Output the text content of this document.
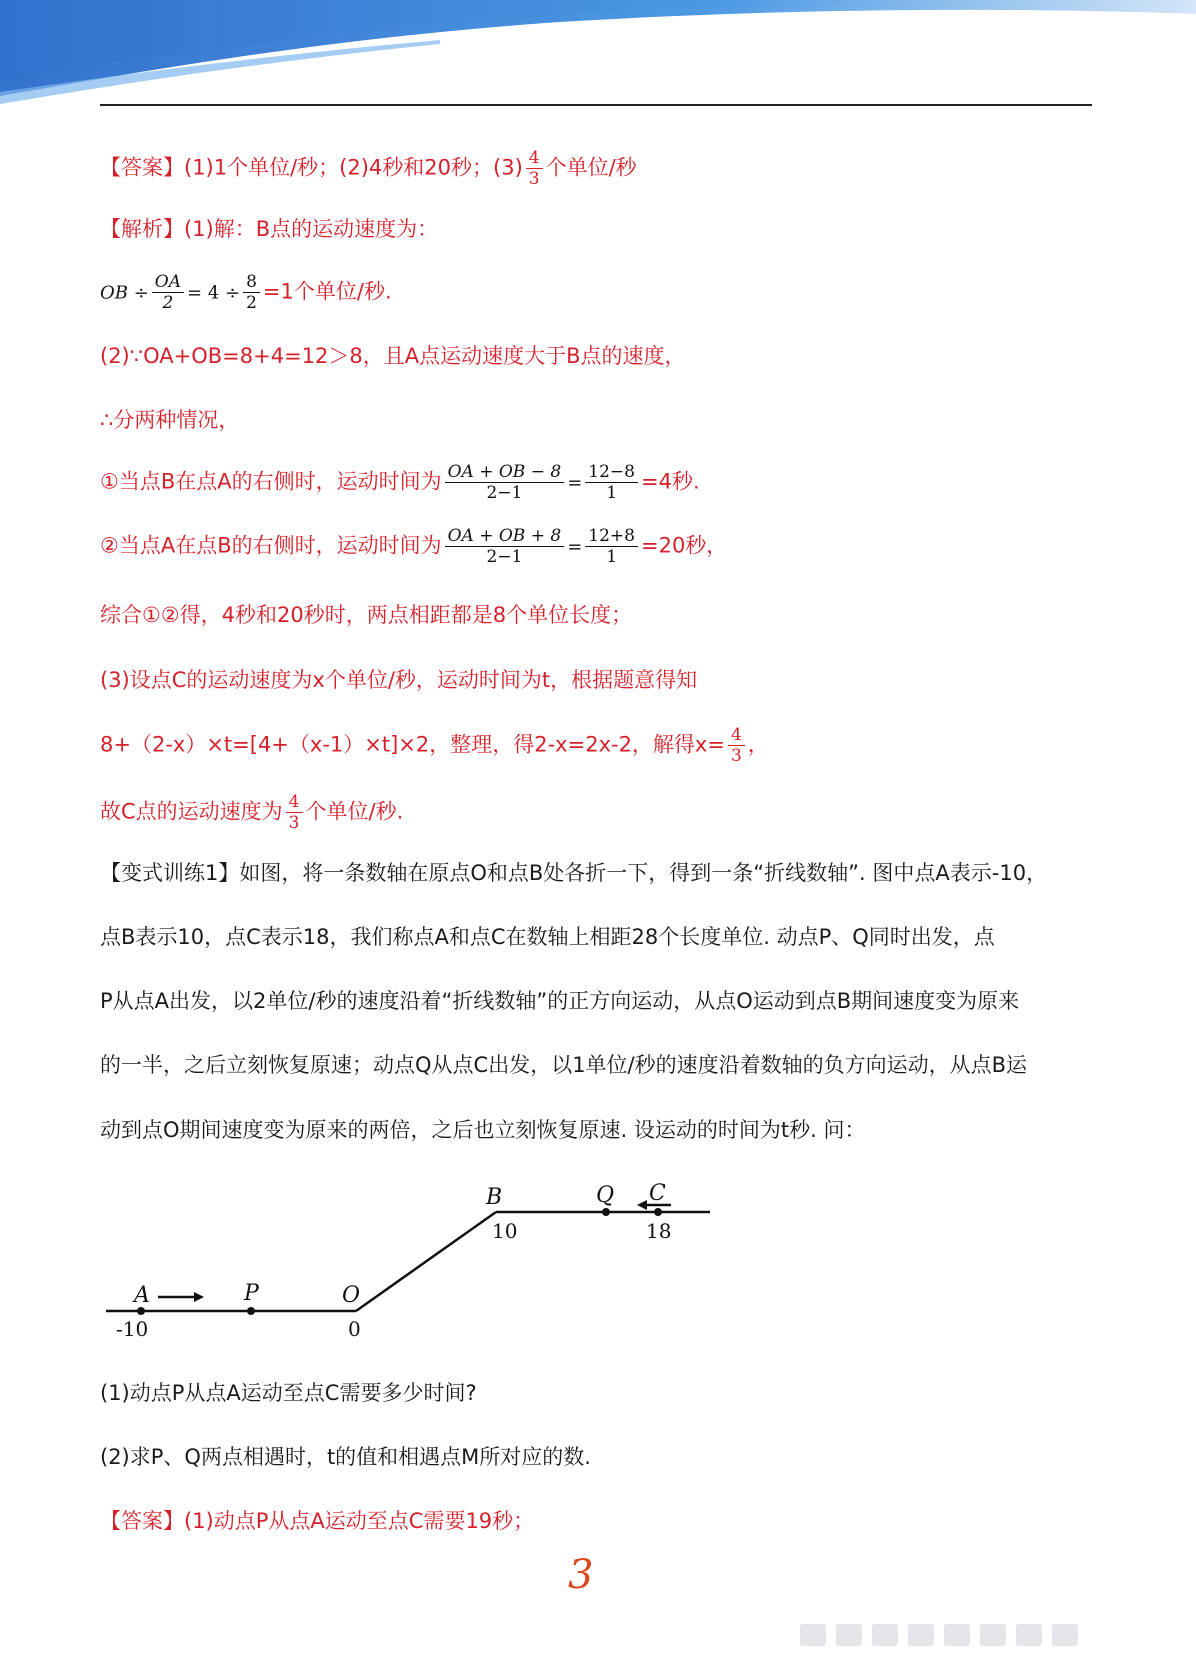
【答案】(1)1个单位/秒；(2)4秒和20秒；$(3) \frac{4}{3}$ 个单位/秒
【解析】(1)解：B点的运动速度为：
OB ÷ $\frac{OA}{2} = 4 \div \frac{8}{2} =1$个单位/秒.
(2)∵OA+OB=8+4=12＞8，且A点运动速度大于B点的速度，
∴分两种情况，
①当点B在点A的右侧时，运动时间为 $\frac{OA + OB - 8}{2-1} = \frac{12-8}{1} =4$秒.
②当点A在点B的右侧时，运动时间为 $\frac{OA + OB + 8}{2-1} = \frac{12+8}{1} =20$秒，
综合①②得，4秒和20秒时，两点相距都是8个单位长度；
(3)设点C的运动速度为x个单位/秒，运动时间为t，根据题意得知
8+（2-x）×t=[4+（x-1）×t]×2，整理，得2-x=2x-2，解得$x= \frac{4}{3}$ ，
故C点的运动速度为 $\frac{4}{3}$ 个单位/秒.
【变式训练1】如图，将一条数轴在原点O和点B处各折一下，得到一条“折线数轴”. 图中点A表示-10，
点B表示10，点C表示18，我们称点A和点C在数轴上相距28个长度单位. 动点P、Q同时出发，点
P从点A出发，以2单位/秒的速度沿着“折线数轴”的正方向运动，从点O运动到点B期间速度变为原来
的一半，之后立刻恢复原速；动点Q从点C出发，以1单位/秒的速度沿着数轴的负方向运动，从点B运
动到点O期间速度变为原来的两倍，之后也立刻恢复原速. 设运动的时间为t秒. 问：
A	P	O
B	Q C
-10	0
10	18
(1)动点P从点A运动至点C需要多少时间?
(2)求P、Q两点相遇时，t的值和相遇点M所对应的数.
【答案】(1)动点P从点A运动至点C需要19秒；
3
